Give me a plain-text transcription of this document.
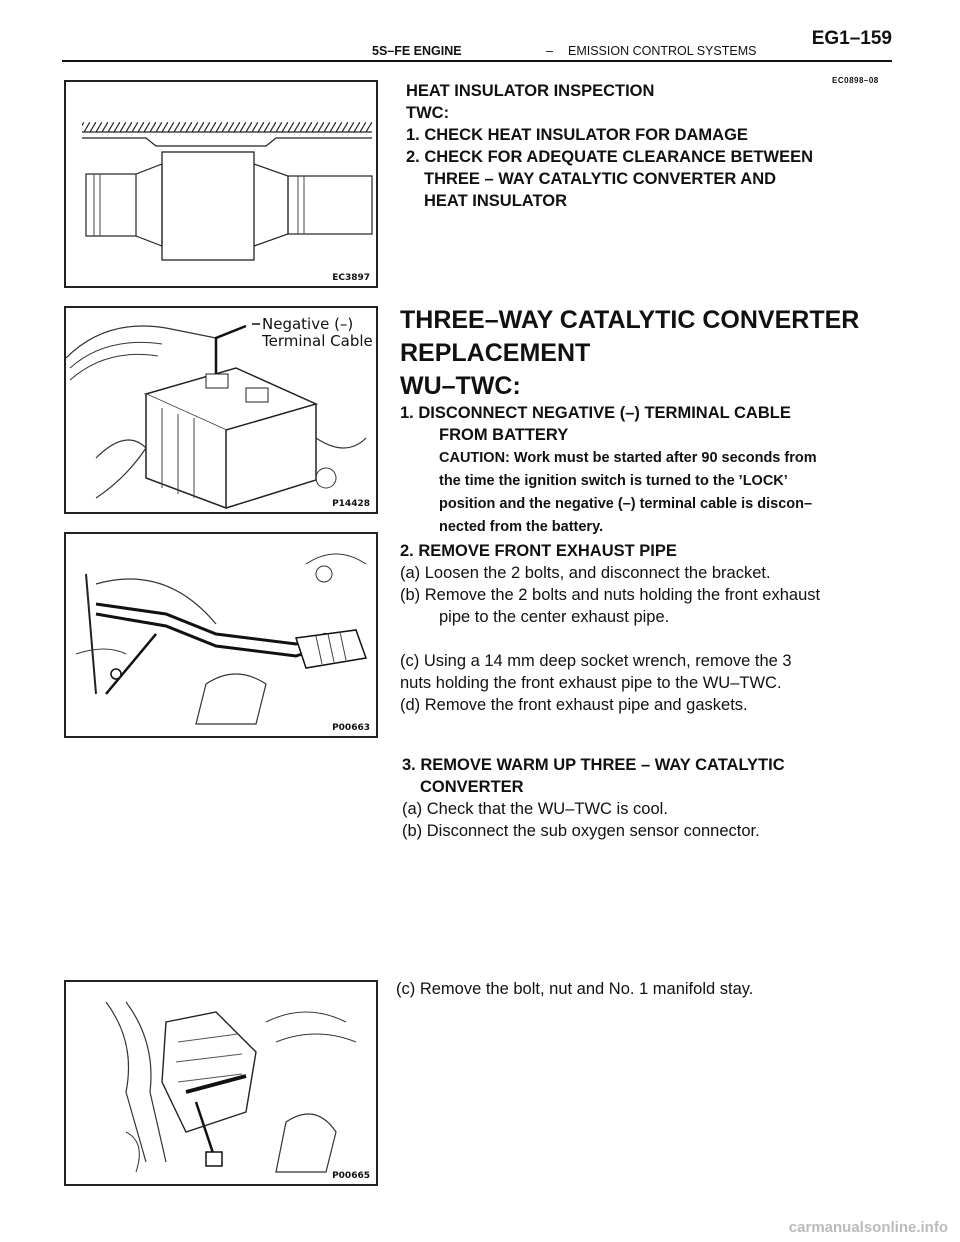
5S–FE ENGINE	– EMISSION CONTROL SYSTEMS
EG1–159
EC0898–08
EC3897
HEAT INSULATOR INSPECTION
TWC:
1. CHECK HEAT INSULATOR FOR DAMAGE
2. CHECK FOR ADEQUATE CLEARANCE BETWEEN
THREE – WAY CATALYTIC CONVERTER AND
HEAT INSULATOR
Negative (–)
Terminal Cable
P14428
THREE–WAY CATALYTIC CONVERTER
REPLACEMENT
WU–TWC:
1. DISCONNECT NEGATIVE (–) TERMINAL CABLE
FROM BATTERY
CAUTION: Work must be started after 90 seconds from
the time the ignition switch is turned to the ’LOCK’
position and the negative (–) terminal cable is discon–
nected from the battery.
2. REMOVE FRONT EXHAUST PIPE
(a) Loosen the 2 bolts, and disconnect the bracket.
(b) Remove the 2 bolts and nuts holding the front exhaust
pipe to the center exhaust pipe.
(c) Using a 14 mm deep socket wrench, remove the 3
nuts holding the front exhaust pipe to the WU–TWC.
(d) Remove the front exhaust pipe and gaskets.
3. REMOVE WARM UP THREE – WAY CATALYTIC
CONVERTER
(a) Check that the WU–TWC is cool.
(b) Disconnect the sub oxygen sensor connector.
(c) Remove the bolt, nut and No. 1 manifold stay.
P00663
P00665
carmanualsonline.info
